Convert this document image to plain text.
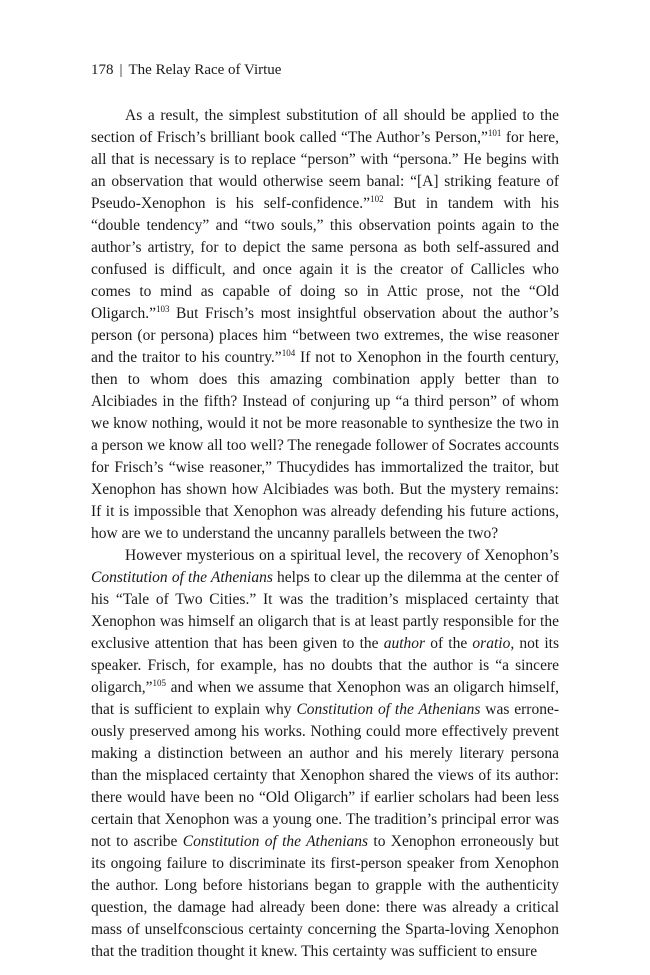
178 | The Relay Race of Virtue

As a result, the simplest substitution of all should be applied to the section of Frisch’s brilliant book called “The Author’s Person,”$^{101}$ for here, all that is necessary is to replace “person” with “persona.” He begins with an observation that would otherwise seem banal: “[A] striking feature of Pseudo-Xenophon is his self-confidence.”$^{102}$ But in tandem with his “double tendency” and “two souls,” this observation points again to the author’s artistry, for to depict the same persona as both self-assured and confused is difficult, and once again it is the creator of Callicles who comes to mind as capable of doing so in Attic prose, not the “Old Oligarch.”$^{103}$ But Frisch’s most insightful observation about the author’s person (or persona) places him “between two extremes, the wise reasoner and the traitor to his country.”$^{104}$ If not to Xenophon in the fourth century, then to whom does this amazing combination apply better than to Alcibiades in the fifth? Instead of conjuring up “a third person” of whom we know nothing, would it not be more reasonable to synthesize the two in a person we know all too well? The renegade follower of Socrates accounts for Frisch’s “wise reasoner,” Thucydides has immortalized the traitor, but Xenophon has shown how Alcibiades was both. But the mystery remains: If it is impossible that Xenophon was already defending his future actions, how are we to understand the uncanny parallels between the two?

However mysterious on a spiritual level, the recovery of Xenophon’s Constitution of the Athenians helps to clear up the dilemma at the center of his “Tale of Two Cities.” It was the tradition’s misplaced certainty that Xenophon was himself an oligarch that is at least partly responsible for the exclusive attention that has been given to the author of the oratio, not its speaker. Frisch, for example, has no doubts that the author is “a sincere oligarch,”$^{105}$ and when we assume that Xenophon was an oligarch himself, that is sufficient to explain why Constitution of the Athenians was errone-ously preserved among his works. Nothing could more effectively prevent making a distinction between an author and his merely literary persona than the misplaced certainty that Xenophon shared the views of its author: there would have been no “Old Oligarch” if earlier scholars had been less certain that Xenophon was a young one. The tradition’s principal error was not to ascribe Constitution of the Athenians to Xenophon erroneously but its ongoing failure to discriminate its first-person speaker from Xenophon the author. Long before historians began to grapple with the authenticity question, the damage had already been done: there was already a critical mass of unselfconscious certainty concerning the Sparta-loving Xenophon that the tradition thought it knew. This certainty was sufficient to ensure
